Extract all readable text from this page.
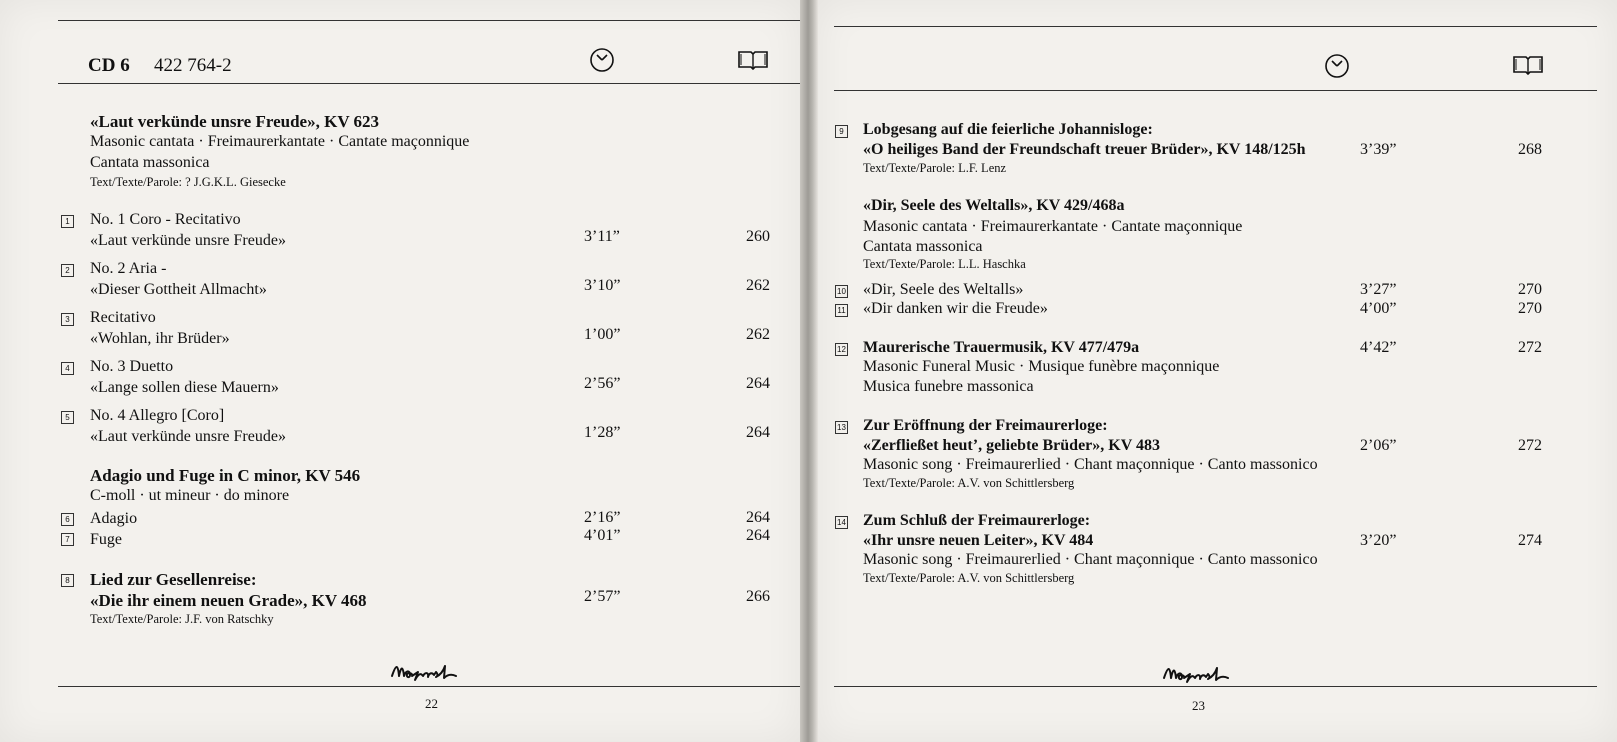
CD 6 422 764-2
«Laut verkünde unsre Freude», KV 623
Masonic cantata · Freimaurerkantate · Cantate maçonnique
Cantata massonica
Text/Texte/Parole: ? J.G.K.L. Giesecke
1 No. 1 Coro - Recitativo
«Laut verkünde unsre Freude»	3’11”	260
2 No. 2 Aria -
«Dieser Gottheit Allmacht»	3’10”	262
3 Recitativo
«Wohlan, ihr Brüder»	1’00”	262
4 No. 3 Duetto
«Lange sollen diese Mauern»	2’56”	264
5 No. 4 Allegro [Coro]
«Laut verkünde unsre Freude»	1’28”	264
Adagio und Fuge in C minor, KV 546
C-moll · ut mineur · do minore
6 Adagio	2’16”	264
7 Fuge	4’01”	264
8 Lied zur Gesellenreise:
«Die ihr einem neuen Grade», KV 468	2’57”	266
Text/Texte/Parole: J.F. von Ratschky
22
9 Lobgesang auf die feierliche Johannisloge:
«O heiliges Band der Freundschaft treuer Brüder», KV 148/125h	3’39”	268
Text/Texte/Parole: L.F. Lenz
«Dir, Seele des Weltalls», KV 429/468a
Masonic cantata · Freimaurerkantate · Cantate maçonnique
Cantata massonica
Text/Texte/Parole: L.L. Haschka
10 «Dir, Seele des Weltalls»	3’27”	270
11 «Dir danken wir die Freude»	4’00”	270
12 Maurerische Trauermusik, KV 477/479a	4’42”	272
Masonic Funeral Music · Musique funèbre maçonnique
Musica funebre massonica
13 Zur Eröffnung der Freimaurerloge:
«Zerfließet heut’, geliebte Brüder», KV 483	2’06”	272
Masonic song · Freimaurerlied · Chant maçonnique · Canto massonico
Text/Texte/Parole: A.V. von Schittlersberg
14 Zum Schluß der Freimaurerloge:
«Ihr unsre neuen Leiter», KV 484	3’20”	274
Masonic song · Freimaurerlied · Chant maçonnique · Canto massonico
Text/Texte/Parole: A.V. von Schittlersberg
23
